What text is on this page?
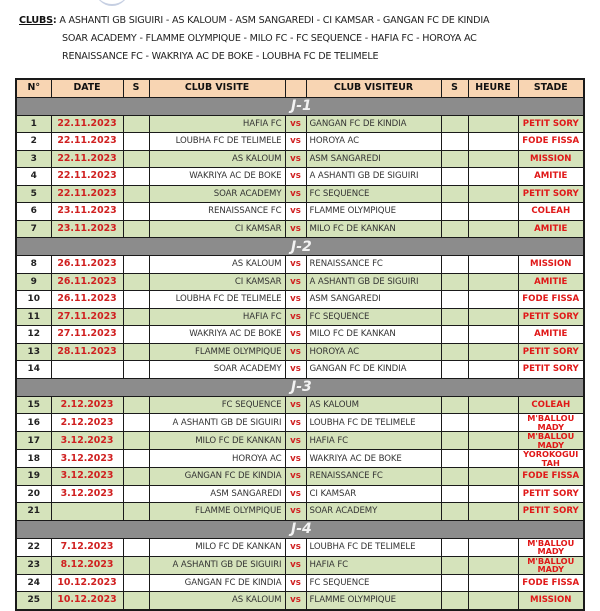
CLUBS: A ASHANTI GB SIGUIRI - AS KALOUM - ASM SANGAREDI - CI KAMSAR - GANGAN FC DE KINDIA
SOAR ACADEMY - FLAMME OLYMPIQUE - MILO FC - FC SEQUENCE - HAFIA FC - HOROYA AC
RENAISSANCE FC - WAKRIYA AC DE BOKE - LOUBHA FC DE TELIMELE
N°	DATE	S	CLUB VISITE		CLUB VISITEUR	S	HEURE	STADE
J-1								
1	22.11.2023		HAFIA FC	vs	GANGAN FC DE KINDIA			PETIT SORY
2	22.11.2023		LOUBHA FC DE TELIMELE	vs	HOROYA AC			FODE FISSA
3	22.11.2023		AS KALOUM	vs	ASM SANGAREDI			MISSION
4	22.11.2023		WAKRIYA AC DE BOKE	vs	A ASHANTI GB DE SIGUIRI			AMITIE
5	22.11.2023		SOAR ACADEMY	vs	FC SEQUENCE			PETIT SORY
6	23.11.2023		RENAISSANCE FC	vs	FLAMME OLYMPIQUE			COLEAH
7	23.11.2023		CI KAMSAR	vs	MILO FC DE KANKAN			AMITIE
J-2								
8	26.11.2023		AS KALOUM	vs	RENAISSANCE FC			MISSION
9	26.11.2023		CI KAMSAR	vs	A ASHANTI GB DE SIGUIRI			AMITIE
10	26.11.2023		LOUBHA FC DE TELIMELE	vs	ASM SANGAREDI			FODE FISSA
11	27.11.2023		HAFIA FC	vs	FC SEQUENCE			PETIT SORY
12	27.11.2023		WAKRIYA AC DE BOKE	vs	MILO FC DE KANKAN			AMITIE
13	28.11.2023		FLAMME OLYMPIQUE	vs	HOROYA AC			PETIT SORY
14			SOAR ACADEMY	vs	GANGAN FC DE KINDIA			PETIT SORY
J-3								
15	2.12.2023		FC SEQUENCE	vs	AS KALOUM			COLEAH
16	2.12.2023		A ASHANTI GB DE SIGUIRI	vs	LOUBHA FC DE TELIMELE			M'BALLOU MADY
17	3.12.2023		MILO FC DE KANKAN	vs	HAFIA FC			M'BALLOU MADY
18	3.12.2023		HOROYA AC	vs	WAKRIYA AC DE BOKE			YOROKOGUI TAH
19	3.12.2023		GANGAN FC DE KINDIA	vs	RENAISSANCE FC			FODE FISSA
20	3.12.2023		ASM SANGAREDI	vs	CI KAMSAR			PETIT SORY
21			FLAMME OLYMPIQUE	vs	SOAR ACADEMY			PETIT SORY
J-4								
22	7.12.2023		MILO FC DE KANKAN	vs	LOUBHA FC DE TELIMELE			M'BALLOU MADY
23	8.12.2023		A ASHANTI GB DE SIGUIRI	vs	HAFIA FC			M'BALLOU MADY
24	10.12.2023		GANGAN FC DE KINDIA	vs	FC SEQUENCE			FODE FISSA
25	10.12.2023		AS KALOUM	vs	FLAMME OLYMPIQUE			MISSION
